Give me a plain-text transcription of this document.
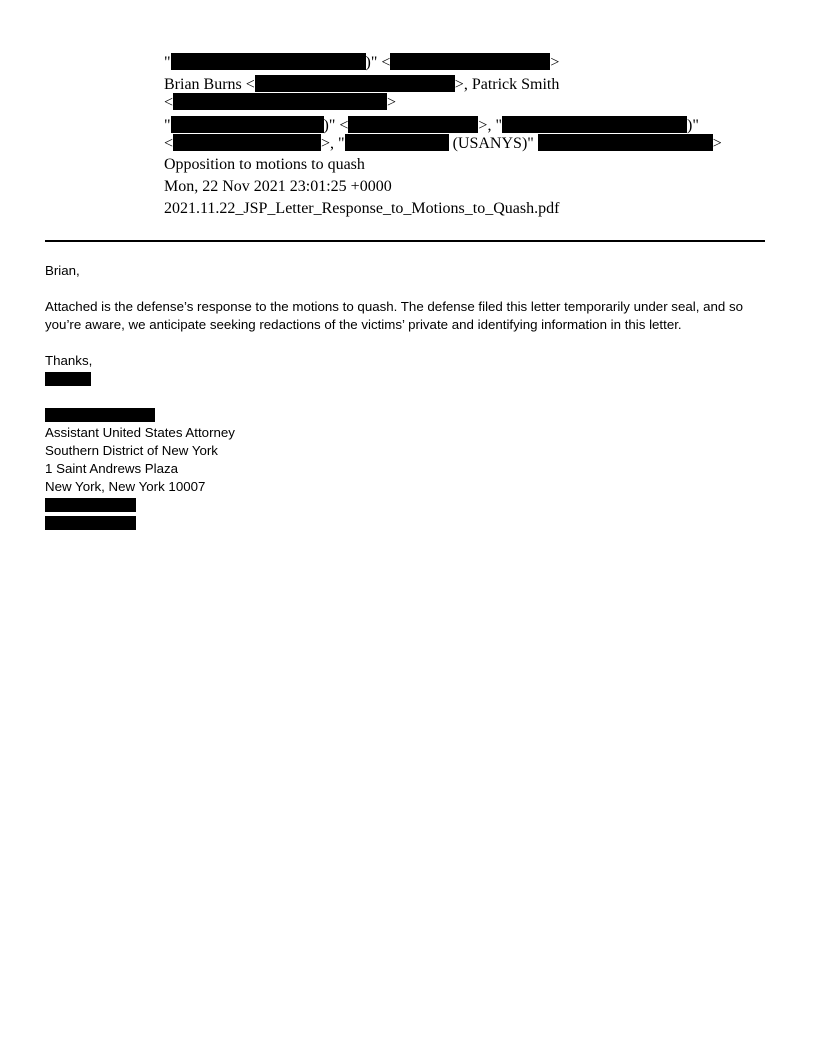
"	)" <	>
Brian Burns <	>, Patrick Smith
<	>
"	)" <	>, "	)"
<	>, "	(USANYS)"	>
Opposition to motions to quash
Mon, 22 Nov 2021 23:01:25 +0000
2021.11.22_JSP_Letter_Response_to_Motions_to_Quash.pdf
Brian,
Attached is the defense’s response to the motions to quash. The defense filed this letter temporarily under seal, and so you’re aware, we anticipate seeking redactions of the victims’ private and identifying information in this letter.
Thanks,
Assistant United States Attorney
Southern District of New York
1 Saint Andrews Plaza
New York, New York 10007
